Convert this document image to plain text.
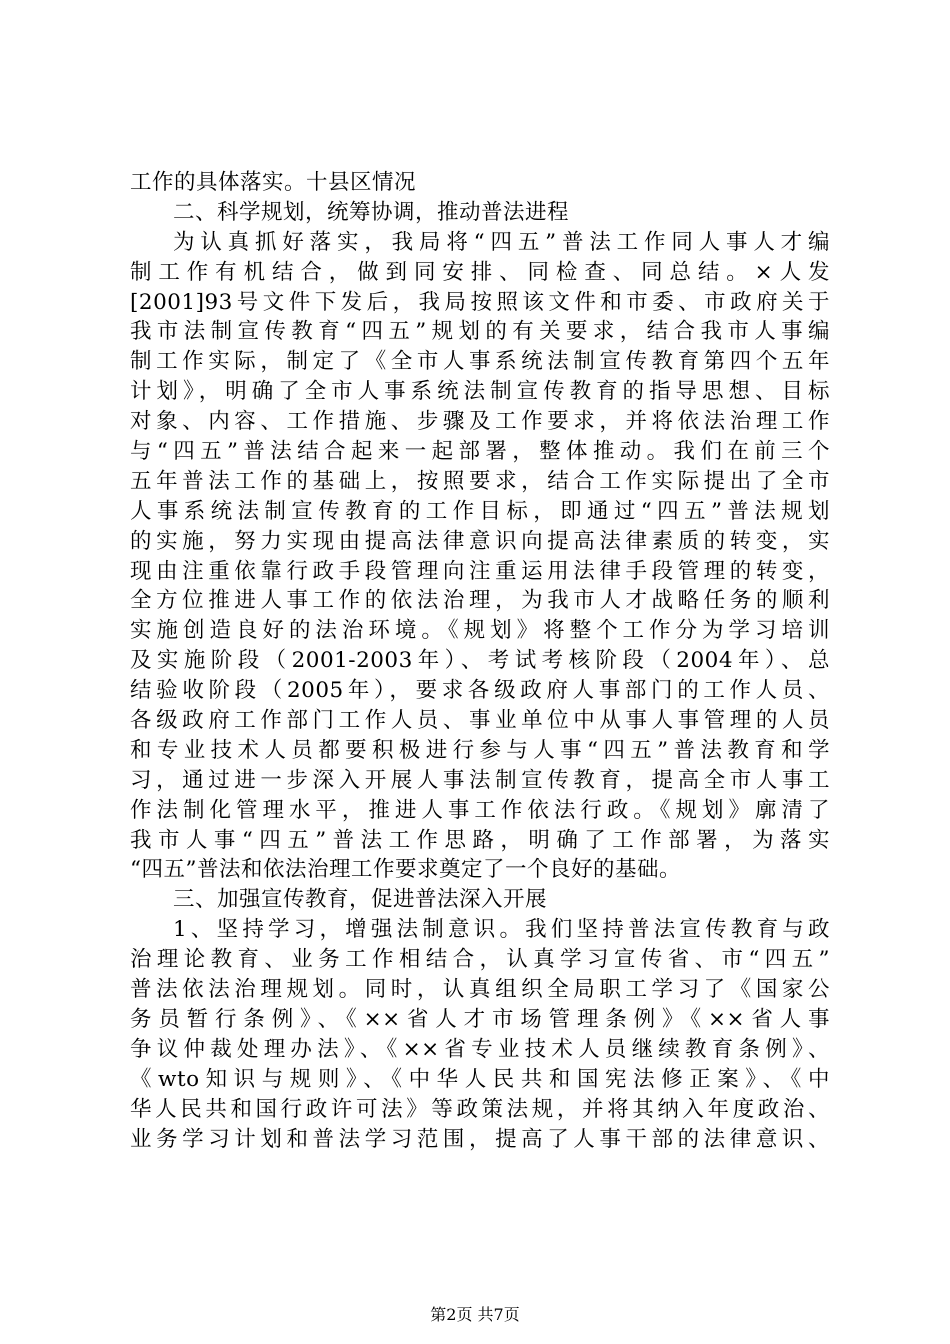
工作的具体落实。十县区情况
二、科学规划，统筹协调，推动普法进程
为认真抓好落实，我局将“四五”普法工作同人事人才编
制工作有机结合，做到同安排、同检查、同总结。×人发
[2001]93号文件下发后，我局按照该文件和市委、市政府关于
我市法制宣传教育“四五”规划的有关要求，结合我市人事编
制工作实际，制定了《全市人事系统法制宣传教育第四个五年
计划》，明确了全市人事系统法制宣传教育的指导思想、目标
对象、内容、工作措施、步骤及工作要求，并将依法治理工作
与“四五”普法结合起来一起部署，整体推动。我们在前三个
五年普法工作的基础上，按照要求，结合工作实际提出了全市
人事系统法制宣传教育的工作目标，即通过“四五”普法规划
的实施，努力实现由提高法律意识向提高法律素质的转变，实
现由注重依靠行政手段管理向注重运用法律手段管理的转变，
全方位推进人事工作的依法治理，为我市人才战略任务的顺利
实施创造良好的法治环境。《规划》将整个工作分为学习培训
及实施阶段（2001-2003年）、考试考核阶段（2004年）、总
结验收阶段（2005年），要求各级政府人事部门的工作人员、
各级政府工作部门工作人员、事业单位中从事人事管理的人员
和专业技术人员都要积极进行参与人事“四五”普法教育和学
习，通过进一步深入开展人事法制宣传教育，提高全市人事工
作法制化管理水平，推进人事工作依法行政。《规划》廓清了
我市人事“四五”普法工作思路，明确了工作部署，为落实
“四五”普法和依法治理工作要求奠定了一个良好的基础。
三、加强宣传教育，促进普法深入开展
1、坚持学习，增强法制意识。我们坚持普法宣传教育与政
治理论教育、业务工作相结合，认真学习宣传省、市“四五”
普法依法治理规划。同时，认真组织全局职工学习了《国家公
务员暂行条例》、《××省人才市场管理条例》《××省人事
争议仲裁处理办法》、《××省专业技术人员继续教育条例》、
《wto知识与规则》、《中华人民共和国宪法修正案》、《中
华人民共和国行政许可法》等政策法规，并将其纳入年度政治、
业务学习计划和普法学习范围，提高了人事干部的法律意识、
第2页 共7页
